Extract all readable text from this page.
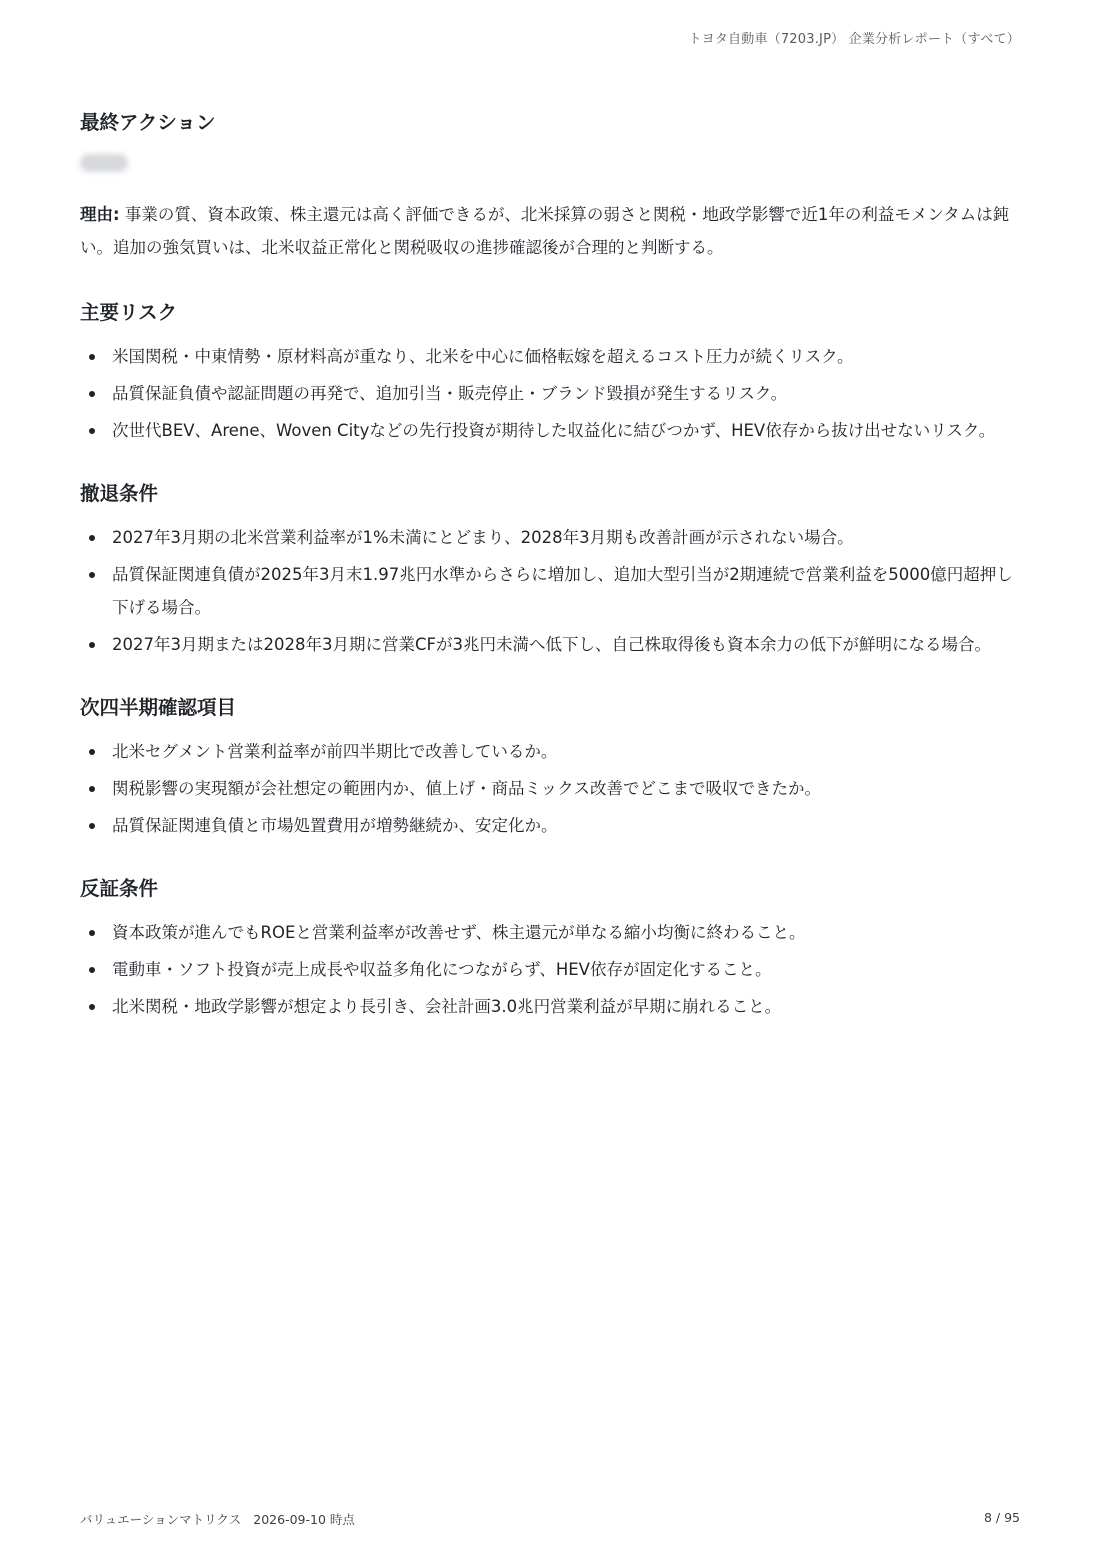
トヨタ自動車（7203.JP） 企業分析レポート（すべて）
最終アクション

理由: 事業の質、資本政策、株主還元は高く評価できるが、北米採算の弱さと関税・地政学影響で近1年の利益モメンタムは鈍い。追加の強気買いは、北米収益正常化と関税吸収の進捗確認後が合理的と判断する。

主要リスク
米国関税・中東情勢・原材料高が重なり、北米を中心に価格転嫁を超えるコスト圧力が続くリスク。
品質保証負債や認証問題の再発で、追加引当・販売停止・ブランド毀損が発生するリスク。
次世代BEV、Arene、Woven Cityなどの先行投資が期待した収益化に結びつかず、HEV依存から抜け出せないリスク。
撤退条件
2027年3月期の北米営業利益率が1%未満にとどまり、2028年3月期も改善計画が示されない場合。
品質保証関連負債が2025年3月末1.97兆円水準からさらに増加し、追加大型引当が2期連続で営業利益を5000億円超押し下げる場合。
2027年3月期または2028年3月期に営業CFが3兆円未満へ低下し、自己株取得後も資本余力の低下が鮮明になる場合。
次四半期確認項目
北米セグメント営業利益率が前四半期比で改善しているか。
関税影響の実現額が会社想定の範囲内か、値上げ・商品ミックス改善でどこまで吸収できたか。
品質保証関連負債と市場処置費用が増勢継続か、安定化か。
反証条件
資本政策が進んでもROEと営業利益率が改善せず、株主還元が単なる縮小均衡に終わること。
電動車・ソフト投資が売上成長や収益多角化につながらず、HEV依存が固定化すること。
北米関税・地政学影響が想定より長引き、会社計画3.0兆円営業利益が早期に崩れること。
バリュエーションマトリクス 2026-09-10 時点	8 / 95
